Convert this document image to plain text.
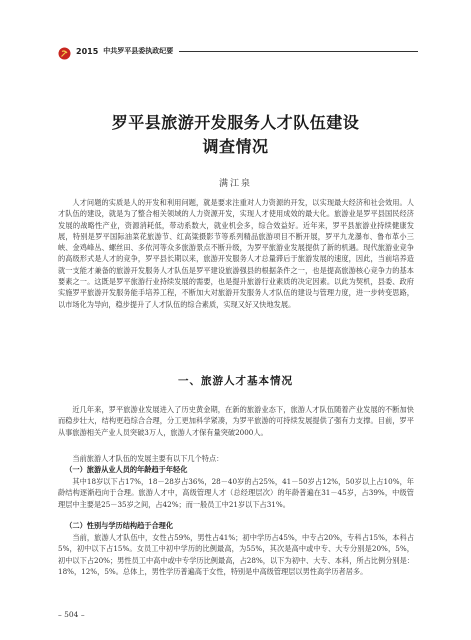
2015 中共罗平县委执政纪要
罗平县旅游开发服务人才队伍建设
调查情况
满江泉
人才问题的实质是人的开发和利用问题，就是要求注重对人力资源的开发，以实现最大经济和社会效用。人才队伍的建设，就是为了整合相关领域的人力资源开发，实现人才使用成效的最大化。旅游业是罗平县国民经济发展的战略性产业，资源消耗低，带动系数大，就业机会多，综合效益好。近年来，罗平县旅游业持续健康发展，特别是罗平国际油菜花旅游节、红高粱摄影节等系列精品旅游项目不断开展，罗平九龙瀑布、鲁布革小三峡、金鸡峰丛、螺丝田、多依河等众多旅游景点不断升级，为罗平旅游业发展提供了新的机遇。现代旅游业竞争的高级形式是人才的竞争，罗平县长期以来，旅游开发服务人才总量滞后于旅游发展的速度，因此，当前培养造就一支能才兼备的旅游开发服务人才队伍是罗平建设旅游强县的根据条件之一，也是提高旅游核心竞争力的基本要素之一。这既是罗平旅游行业持续发展的需要，也是提升旅游行业素质的决定因素。以此为契机，县委、政府实施罗平旅游开发服务能手培养工程，不断加大对旅游开发服务人才队伍的建设与管理力度，进一步转变思路，以市场化为导向，稳步提升了人才队伍的综合素质，实现又好又快地发展。
一、旅游人才基本情况
近几年来，罗平旅游业发展进入了历史黄金期，在新的旅游业态下，旅游人才队伍随着产业发展的不断加快而稳步壮大，结构更趋综合合理，分工更加科学紧凑，为罗平旅游的可持续发展提供了强有力支撑。目前，罗平从事旅游相关产业人员突破3万人，旅游人才保有量突破2000人。
当前旅游人才队伍的发展主要有以下几个特点：
（一）旅游从业人员的年龄趋于年轻化
其中18岁以下占17%，18－28岁占36%，28－40岁的占25%，41－50岁占12%，50岁以上占10%，年龄结构逐渐趋向于合理。旅游人才中，高级管理人才（总经理层次）的年龄普遍在31－45岁，占39%，中级管理层中主要是25－35岁之间，占42%；而一般员工中21岁以下占31%。
（二）性别与学历结构趋于合理化
当前，旅游人才队伍中，女性占59%，男性占41%；初中学历占45%，中专占20%，专科占15%，本科占5%，初中以下占15%。女员工中初中学历的比例最高，为55%，其次是高中或中专、大专分别是20%，5%，初中以下占20%；男性员工中高中或中专学历比例最高，占28%，以下为初中、大专、本科，所占比例分别是：18%，12%，5%。总体上，男性学历普遍高于女性，特别是中高级管理层以男性高学历者居多。
– 504 –
